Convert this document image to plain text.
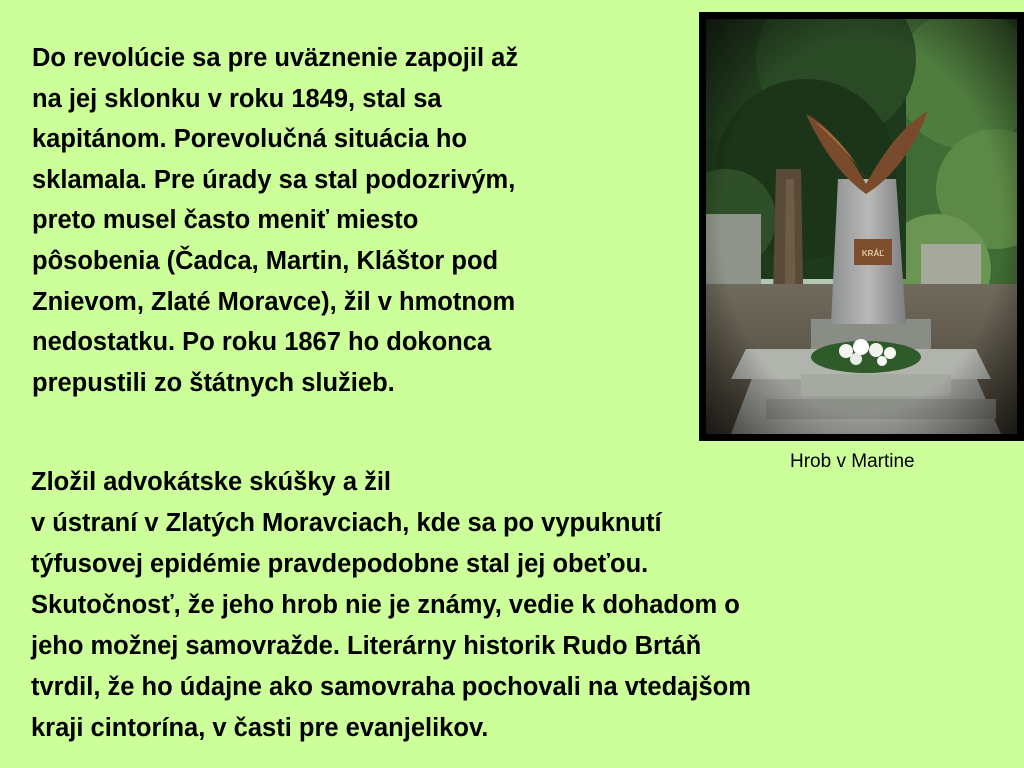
Do revolúcie sa pre uväznenie zapojil až
na jej sklonku v roku 1849, stal sa
kapitánom. Porevolučná situácia ho
sklamala. Pre úrady sa stal podozrivým,
preto musel často meniť miesto
pôsobenia (Čadca, Martin, Kláštor pod
Znievom, Zlaté Moravce), žil v hmotnom
nedostatku. Po roku 1867 ho dokonca
prepustili zo štátnych služieb.

Hrob v Martine

Zložil advokátske skúšky a žil
v ústraní v Zlatých Moravciach, kde sa po vypuknutí
týfusovej epidémie pravdepodobne stal jej obeťou.
Skutočnosť, že jeho hrob nie je známy, vedie k dohadom o
jeho možnej samovražde. Literárny historik Rudo Brtáň
tvrdil, že ho údajne ako samovraha pochovali na vtedajšom
kraji cintorína, v časti pre evanjelikov.
